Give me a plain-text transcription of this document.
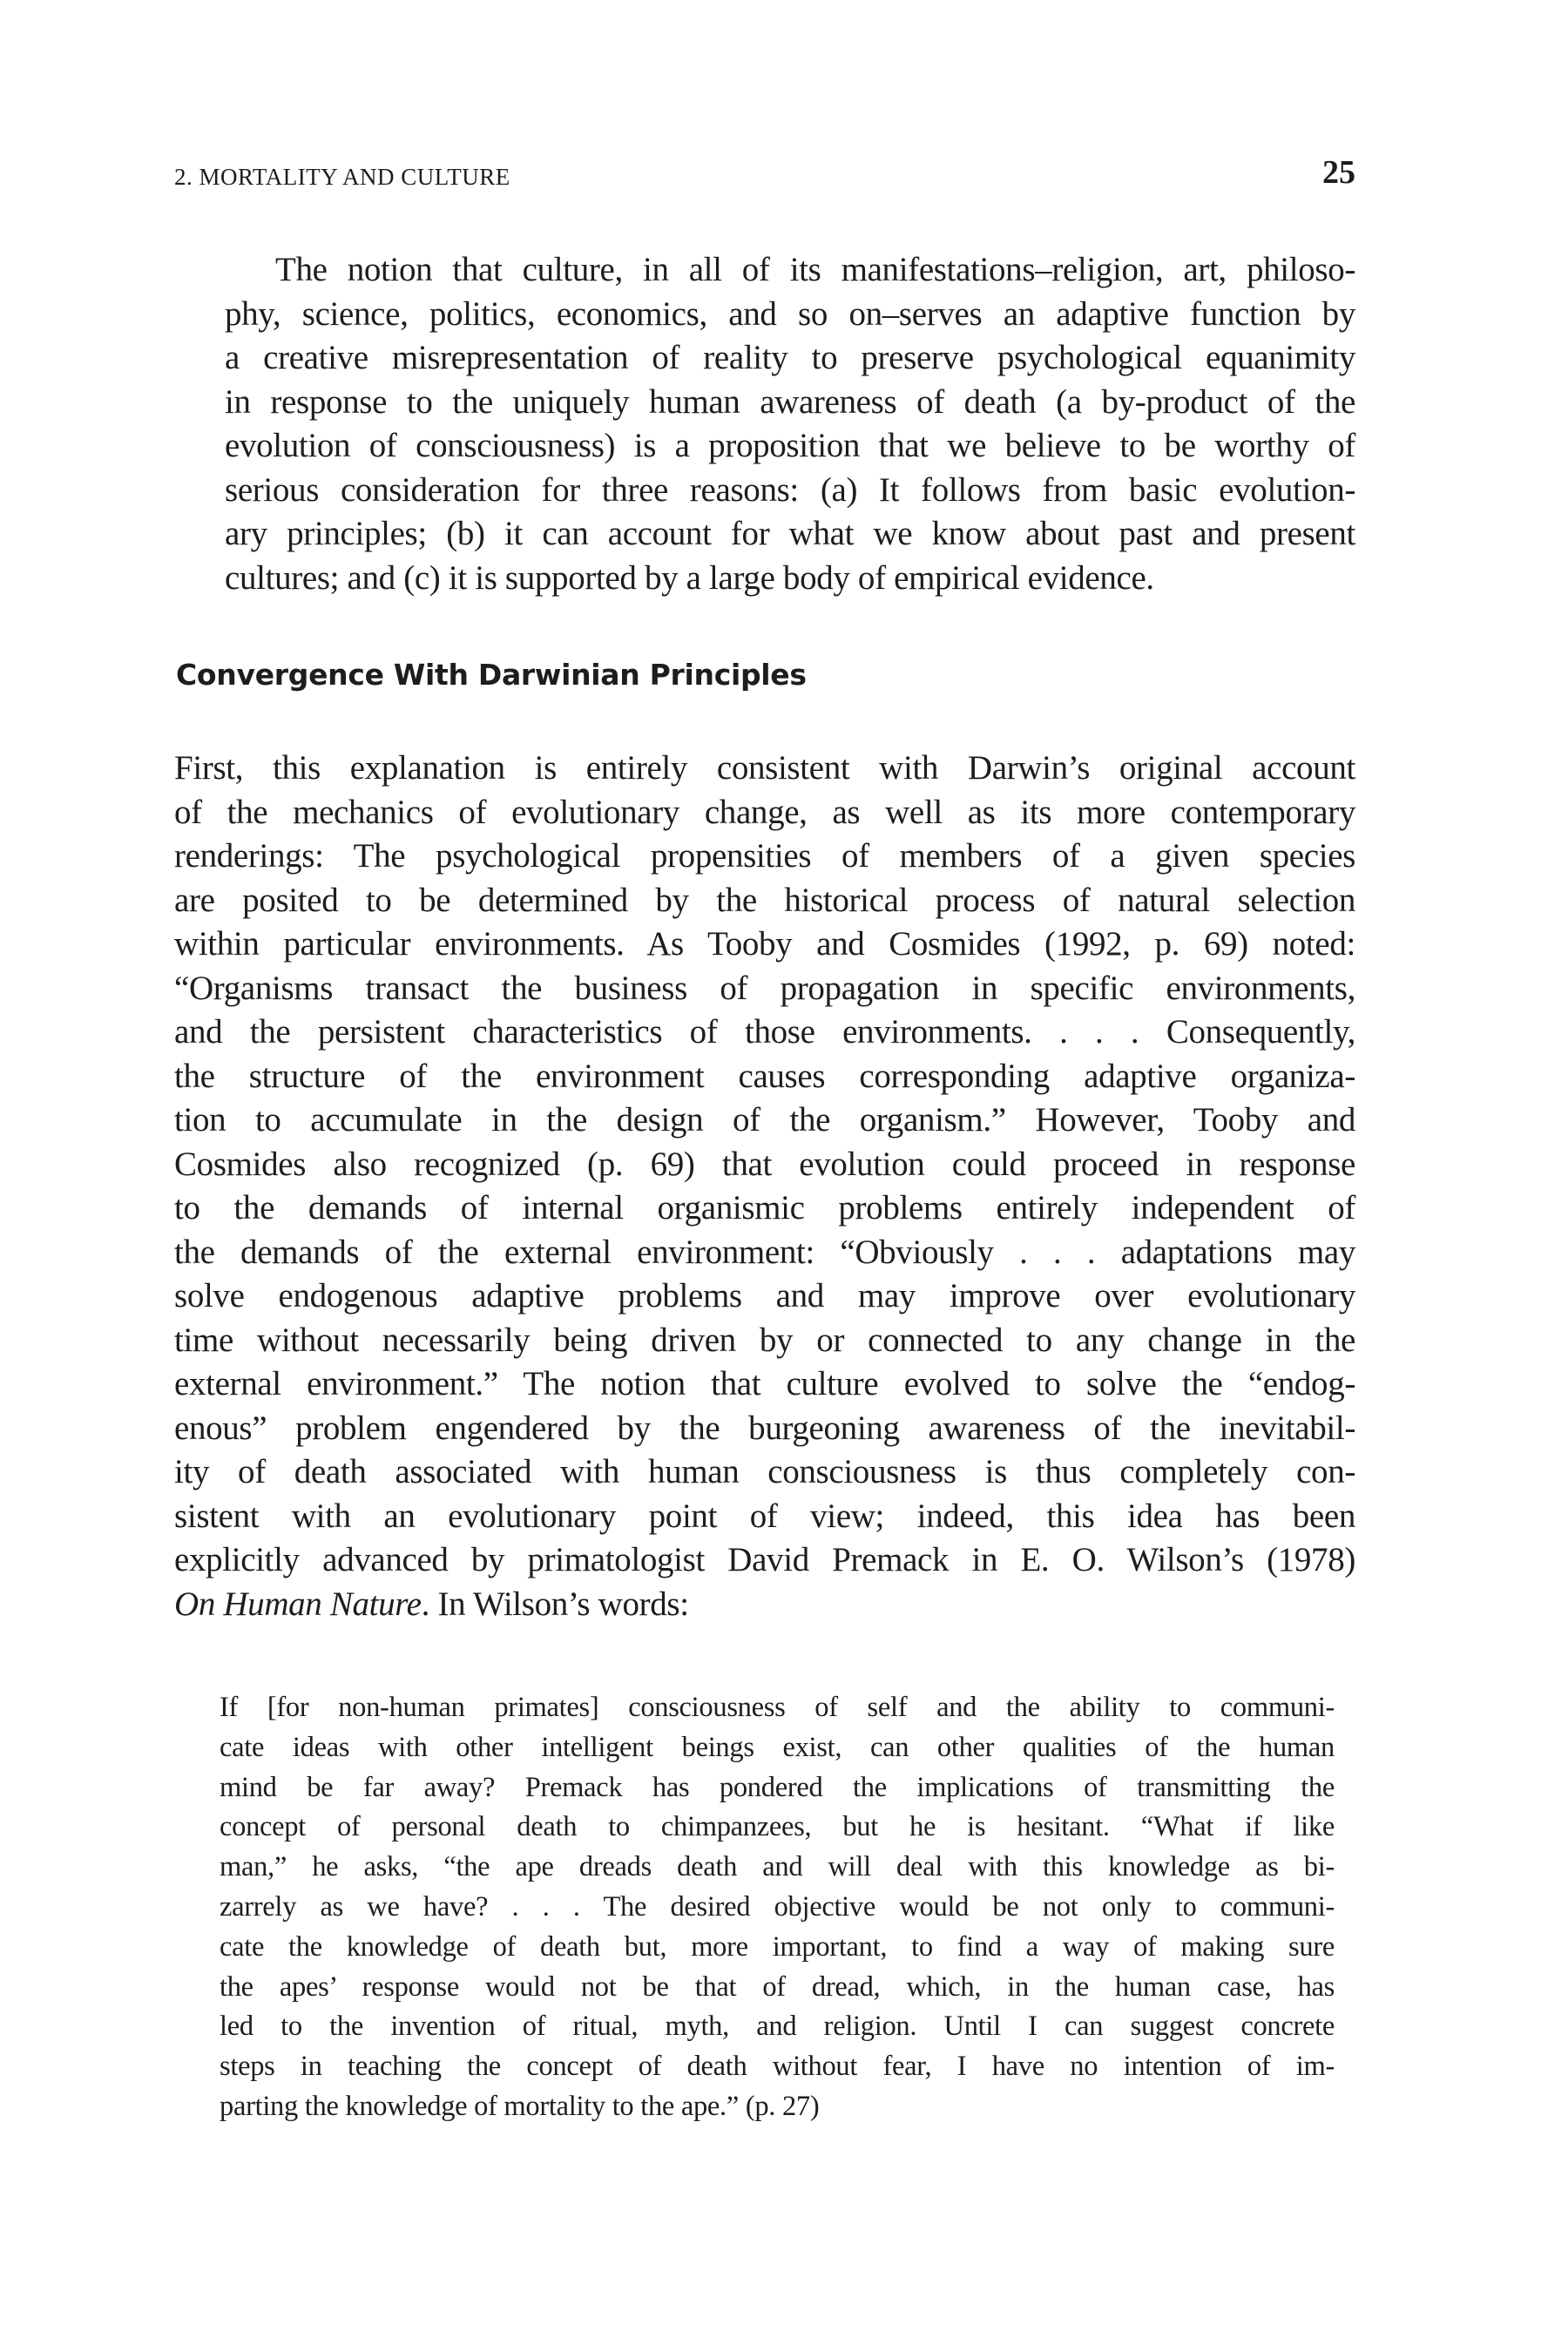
2. MORTALITY AND CULTURE	25
The notion that culture, in all of its manifestations–religion, art, philoso-
phy, science, politics, economics, and so on–serves an adaptive function by
a creative misrepresentation of reality to preserve psychological equanimity
in response to the uniquely human awareness of death (a by-product of the
evolution of consciousness) is a proposition that we believe to be worthy of
serious consideration for three reasons: (a) It follows from basic evolution-
ary principles; (b) it can account for what we know about past and present
cultures; and (c) it is supported by a large body of empirical evidence.
Convergence With Darwinian Principles
First, this explanation is entirely consistent with Darwin’s original account
of the mechanics of evolutionary change, as well as its more contemporary
renderings: The psychological propensities of members of a given species
are posited to be determined by the historical process of natural selection
within particular environments. As Tooby and Cosmides (1992, p. 69) noted:
“Organisms transact the business of propagation in specific environments,
and the persistent characteristics of those environments. . . . Consequently,
the structure of the environment causes corresponding adaptive organiza-
tion to accumulate in the design of the organism.” However, Tooby and
Cosmides also recognized (p. 69) that evolution could proceed in response
to the demands of internal organismic problems entirely independent of
the demands of the external environment: “Obviously . . . adaptations may
solve endogenous adaptive problems and may improve over evolutionary
time without necessarily being driven by or connected to any change in the
external environment.” The notion that culture evolved to solve the “endog-
enous” problem engendered by the burgeoning awareness of the inevitabil-
ity of death associated with human consciousness is thus completely con-
sistent with an evolutionary point of view; indeed, this idea has been
explicitly advanced by primatologist David Premack in E. O. Wilson’s (1978)
On Human Nature. In Wilson’s words:
If [for non-human primates] consciousness of self and the ability to communi-
cate ideas with other intelligent beings exist, can other qualities of the human
mind be far away? Premack has pondered the implications of transmitting the
concept of personal death to chimpanzees, but he is hesitant. “What if like
man,” he asks, “the ape dreads death and will deal with this knowledge as bi-
zarrely as we have? . . . The desired objective would be not only to communi-
cate the knowledge of death but, more important, to find a way of making sure
the apes’ response would not be that of dread, which, in the human case, has
led to the invention of ritual, myth, and religion. Until I can suggest concrete
steps in teaching the concept of death without fear, I have no intention of im-
parting the knowledge of mortality to the ape.” (p. 27)
